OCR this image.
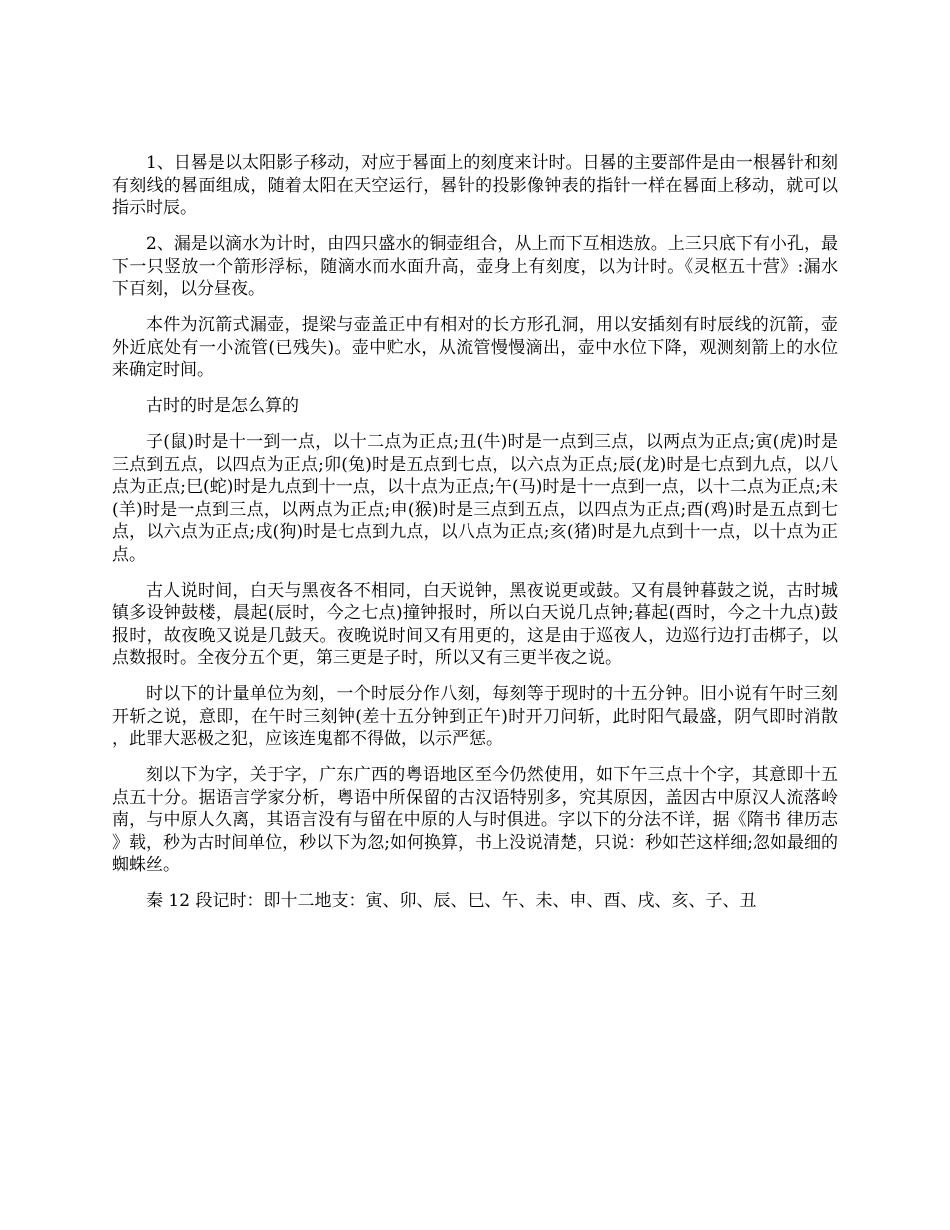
1、日晷是以太阳影子移动，对应于晷面上的刻度来计时。日晷的主要部件是由一根晷针和刻有刻线的晷面组成，随着太阳在天空运行，晷针的投影像钟表的指针一样在晷面上移动，就可以指示时辰。

2、漏是以滴水为计时，由四只盛水的铜壶组合，从上而下互相迭放。上三只底下有小孔，最下一只竖放一个箭形浮标，随滴水而水面升高，壶身上有刻度，以为计时。《灵枢五十营》:漏水下百刻，以分昼夜。

本件为沉箭式漏壶，提梁与壶盖正中有相对的长方形孔洞，用以安插刻有时辰线的沉箭，壶外近底处有一小流管(已残失)。壶中贮水，从流管慢慢滴出，壶中水位下降，观测刻箭上的水位来确定时间。

古时的时是怎么算的

子(鼠)时是十一到一点，以十二点为正点;丑(牛)时是一点到三点，以两点为正点;寅(虎)时是三点到五点，以四点为正点;卯(兔)时是五点到七点，以六点为正点;辰(龙)时是七点到九点，以八点为正点;巳(蛇)时是九点到十一点，以十点为正点;午(马)时是十一点到一点，以十二点为正点;未(羊)时是一点到三点，以两点为正点;申(猴)时是三点到五点，以四点为正点;酉(鸡)时是五点到七点，以六点为正点;戌(狗)时是七点到九点，以八点为正点;亥(猪)时是九点到十一点，以十点为正点。

古人说时间，白天与黑夜各不相同，白天说钟，黑夜说更或鼓。又有晨钟暮鼓之说，古时城镇多设钟鼓楼，晨起(辰时，今之七点)撞钟报时，所以白天说几点钟;暮起(酉时，今之十九点)鼓报时，故夜晚又说是几鼓天。夜晚说时间又有用更的，这是由于巡夜人，边巡行边打击梆子，以点数报时。全夜分五个更，第三更是子时，所以又有三更半夜之说。

时以下的计量单位为刻，一个时辰分作八刻，每刻等于现时的十五分钟。旧小说有午时三刻开斩之说，意即，在午时三刻钟(差十五分钟到正午)时开刀问斩，此时阳气最盛，阴气即时消散，此罪大恶极之犯，应该连鬼都不得做，以示严惩。

刻以下为字，关于字，广东广西的粤语地区至今仍然使用，如下午三点十个字，其意即十五点五十分。据语言学家分析，粤语中所保留的古汉语特别多，究其原因，盖因古中原汉人流落岭南，与中原人久离，其语言没有与留在中原的人与时俱进。字以下的分法不详，据《隋书 律历志》载，秒为古时间单位，秒以下为忽;如何换算，书上没说清楚，只说：秒如芒这样细;忽如最细的蜘蛛丝。

秦 12 段记时：即十二地支：寅、卯、辰、巳、午、未、申、酉、戌、亥、子、丑
